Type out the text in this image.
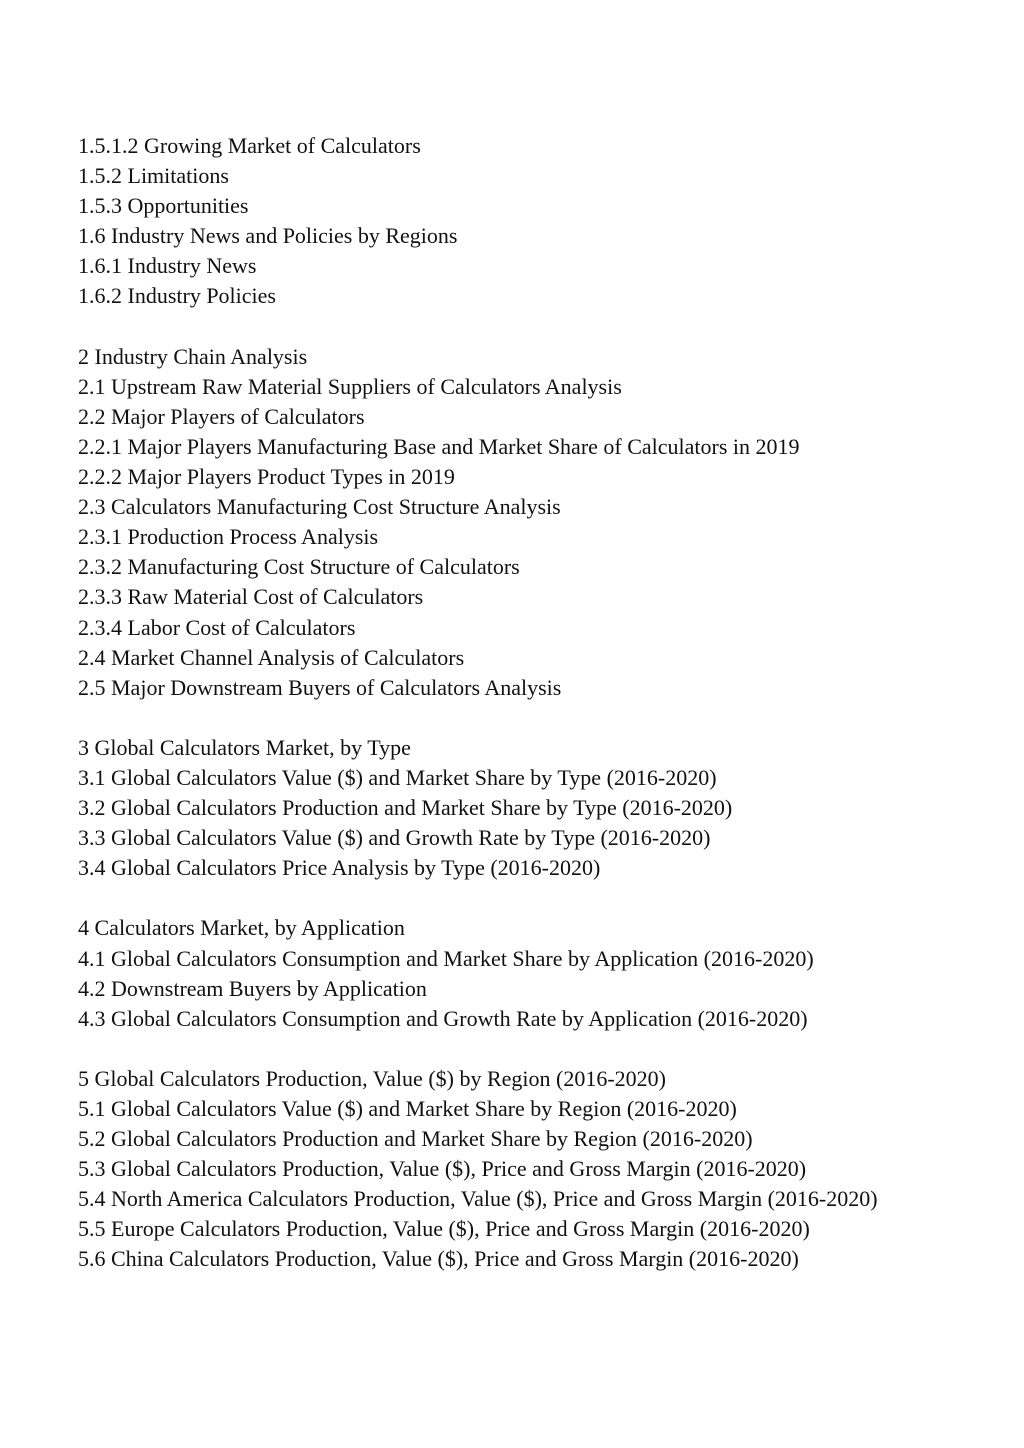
1.5.1.2 Growing Market of Calculators
1.5.2 Limitations
1.5.3 Opportunities
1.6 Industry News and Policies by Regions
1.6.1 Industry News
1.6.2 Industry Policies
2 Industry Chain Analysis
2.1 Upstream Raw Material Suppliers of Calculators Analysis
2.2 Major Players of Calculators
2.2.1 Major Players Manufacturing Base and Market Share of Calculators in 2019
2.2.2 Major Players Product Types in 2019
2.3 Calculators Manufacturing Cost Structure Analysis
2.3.1 Production Process Analysis
2.3.2 Manufacturing Cost Structure of Calculators
2.3.3 Raw Material Cost of Calculators
2.3.4 Labor Cost of Calculators
2.4 Market Channel Analysis of Calculators
2.5 Major Downstream Buyers of Calculators Analysis
3 Global Calculators Market, by Type
3.1 Global Calculators Value ($) and Market Share by Type (2016-2020)
3.2 Global Calculators Production and Market Share by Type (2016-2020)
3.3 Global Calculators Value ($) and Growth Rate by Type (2016-2020)
3.4 Global Calculators Price Analysis by Type (2016-2020)
4 Calculators Market, by Application
4.1 Global Calculators Consumption and Market Share by Application (2016-2020)
4.2 Downstream Buyers by Application
4.3 Global Calculators Consumption and Growth Rate by Application (2016-2020)
5 Global Calculators Production, Value ($) by Region (2016-2020)
5.1 Global Calculators Value ($) and Market Share by Region (2016-2020)
5.2 Global Calculators Production and Market Share by Region (2016-2020)
5.3 Global Calculators Production, Value ($), Price and Gross Margin (2016-2020)
5.4 North America Calculators Production, Value ($), Price and Gross Margin (2016-2020)
5.5 Europe Calculators Production, Value ($), Price and Gross Margin (2016-2020)
5.6 China Calculators Production, Value ($), Price and Gross Margin (2016-2020)
